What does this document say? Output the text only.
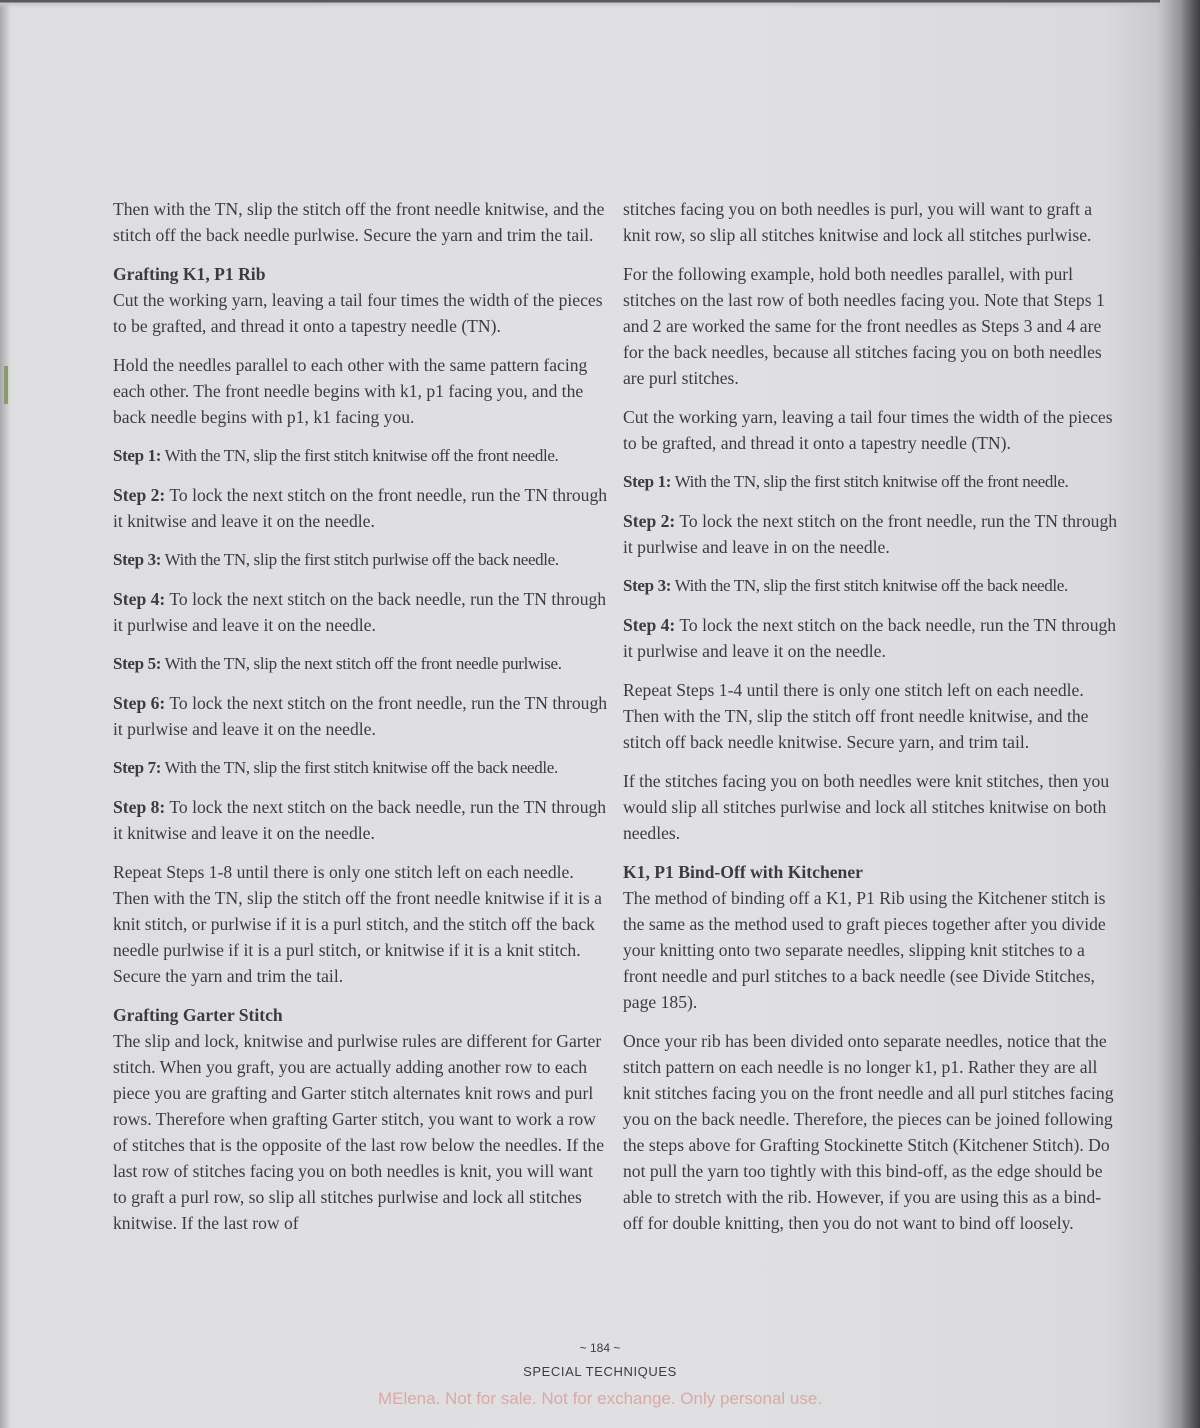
Then with the TN, slip the stitch off the front needle knitwise, and the stitch off the back needle purlwise. Secure the yarn and trim the tail.

Grafting K1, P1 Rib
Cut the working yarn, leaving a tail four times the width of the pieces to be grafted, and thread it onto a tapestry needle (TN).

Hold the needles parallel to each other with the same pattern facing each other. The front needle begins with k1, p1 facing you, and the back needle begins with p1, k1 facing you.

Step 1: With the TN, slip the first stitch knitwise off the front needle.

Step 2: To lock the next stitch on the front needle, run the TN through it knitwise and leave it on the needle.

Step 3: With the TN, slip the first stitch purlwise off the back needle.

Step 4: To lock the next stitch on the back needle, run the TN through it purlwise and leave it on the needle.

Step 5: With the TN, slip the next stitch off the front needle purlwise.

Step 6: To lock the next stitch on the front needle, run the TN through it purlwise and leave it on the needle.

Step 7: With the TN, slip the first stitch knitwise off the back needle.

Step 8: To lock the next stitch on the back needle, run the TN through it knitwise and leave it on the needle.

Repeat Steps 1-8 until there is only one stitch left on each needle. Then with the TN, slip the stitch off the front needle knitwise if it is a knit stitch, or purlwise if it is a purl stitch, and the stitch off the back needle purlwise if it is a purl stitch, or knitwise if it is a knit stitch. Secure the yarn and trim the tail.

Grafting Garter Stitch
The slip and lock, knitwise and purlwise rules are different for Garter stitch. When you graft, you are actually adding another row to each piece you are grafting and Garter stitch alternates knit rows and purl rows. Therefore when grafting Garter stitch, you want to work a row of stitches that is the opposite of the last row below the needles. If the last row of stitches facing you on both needles is knit, you will want to graft a purl row, so slip all stitches purlwise and lock all stitches knitwise. If the last row of

stitches facing you on both needles is purl, you will want to graft a knit row, so slip all stitches knitwise and lock all stitches purlwise.

For the following example, hold both needles parallel, with purl stitches on the last row of both needles facing you. Note that Steps 1 and 2 are worked the same for the front needles as Steps 3 and 4 are for the back needles, because all stitches facing you on both needles are purl stitches.

Cut the working yarn, leaving a tail four times the width of the pieces to be grafted, and thread it onto a tapestry needle (TN).

Step 1: With the TN, slip the first stitch knitwise off the front needle.

Step 2: To lock the next stitch on the front needle, run the TN through it purlwise and leave in on the needle.

Step 3: With the TN, slip the first stitch knitwise off the back needle.

Step 4: To lock the next stitch on the back needle, run the TN through it purlwise and leave it on the needle.

Repeat Steps 1-4 until there is only one stitch left on each needle. Then with the TN, slip the stitch off front needle knitwise, and the stitch off back needle knitwise. Secure yarn, and trim tail.

If the stitches facing you on both needles were knit stitches, then you would slip all stitches purlwise and lock all stitches knitwise on both needles.

K1, P1 Bind-Off with Kitchener
The method of binding off a K1, P1 Rib using the Kitchener stitch is the same as the method used to graft pieces together after you divide your knitting onto two separate needles, slipping knit stitches to a front needle and purl stitches to a back needle (see Divide Stitches, page 185).

Once your rib has been divided onto separate needles, notice that the stitch pattern on each needle is no longer k1, p1. Rather they are all knit stitches facing you on the front needle and all purl stitches facing you on the back needle. Therefore, the pieces can be joined following the steps above for Grafting Stockinette Stitch (Kitchener Stitch). Do not pull the yarn too tightly with this bind-off, as the edge should be able to stretch with the rib. However, if you are using this as a bind-off for double knitting, then you do not want to bind off loosely.

~ 184 ~
SPECIAL TECHNIQUES
MElena. Not for sale. Not for exchange. Only personal use.
